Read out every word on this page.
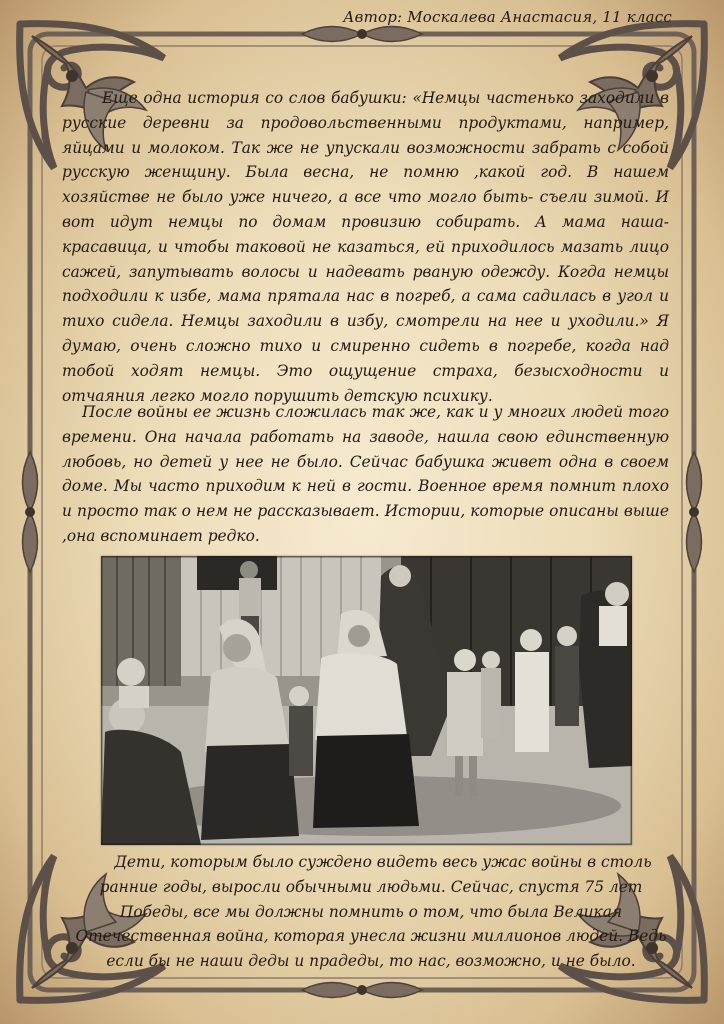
Автор: Москалева Анастасия, 11 класс

Еще одна история со слов бабушки: «Немцы частенько заходили в русские деревни за продовольственными продуктами, например, яйцами и молоком. Так же не упускали возможности забрать с собой русскую женщину. Была весна, не помню ,какой год. В нашем хозяйстве не было уже ничего, а все что могло быть- съели зимой. И вот идут немцы по домам провизию собирать. А мама наша- красавица, и чтобы таковой не казаться, ей приходилось мазать лицо сажей, запутывать волосы и надевать рваную одежду. Когда немцы подходили к избе, мама прятала нас в погреб, а сама садилась в угол и тихо сидела. Немцы заходили в избу, смотрели на нее и уходили.» Я думаю, очень сложно тихо и смиренно сидеть в погребе, когда над тобой ходят немцы. Это ощущение страха, безысходности и отчаяния легко могло порушить детскую психику.

После войны ее жизнь сложилась так же, как и у многих людей того времени. Она начала работать на заводе, нашла свою единственную любовь, но детей у нее не было. Сейчас бабушка живет одна в своем доме. Мы часто приходим к ней в гости. Военное время помнит плохо и просто так о нем не рассказывает. Истории, которые описаны выше ,она вспоминает редко.

Дети, которым было суждено видеть весь ужас войны в столь ранние годы, выросли обычными людьми. Сейчас, спустя 75 лет Победы, все мы должны помнить о том, что была Великая Отечественная война, которая унесла жизни миллионов людей. Ведь если бы не наши деды и прадеды, то нас, возможно, и не было.
